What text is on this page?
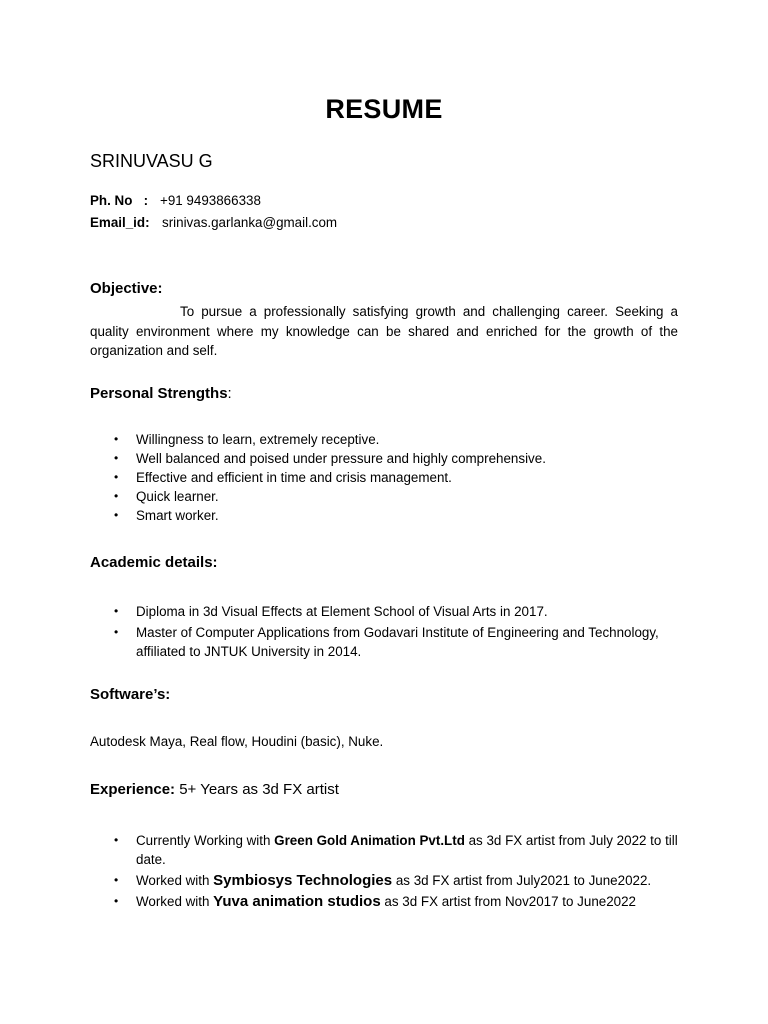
RESUME
SRINUVASU G
Ph. No   : +91 9493866338
Email_id: srinivas.garlanka@gmail.com
Objective:
To pursue a professionally satisfying growth and challenging career. Seeking a quality environment where my knowledge can be shared and enriched for the growth of the organization and self.
Personal Strengths:
• Willingness to learn, extremely receptive.
• Well balanced and poised under pressure and highly comprehensive.
• Effective and efficient in time and crisis management.
• Quick learner.
• Smart worker.
Academic details:
• Diploma in 3d Visual Effects at Element School of Visual Arts in 2017.
• Master of Computer Applications from Godavari Institute of Engineering and Technology, affiliated to JNTUK University in 2014.
Software’s:
Autodesk Maya, Real flow, Houdini (basic), Nuke.
Experience: 5+ Years as 3d FX artist
• Currently Working with Green Gold Animation Pvt.Ltd as 3d FX artist from July 2022 to till date.
• Worked with Symbiosys Technologies as 3d FX artist from July2021 to June2022.
• Worked with Yuva animation studios as 3d FX artist from Nov2017 to June2022
